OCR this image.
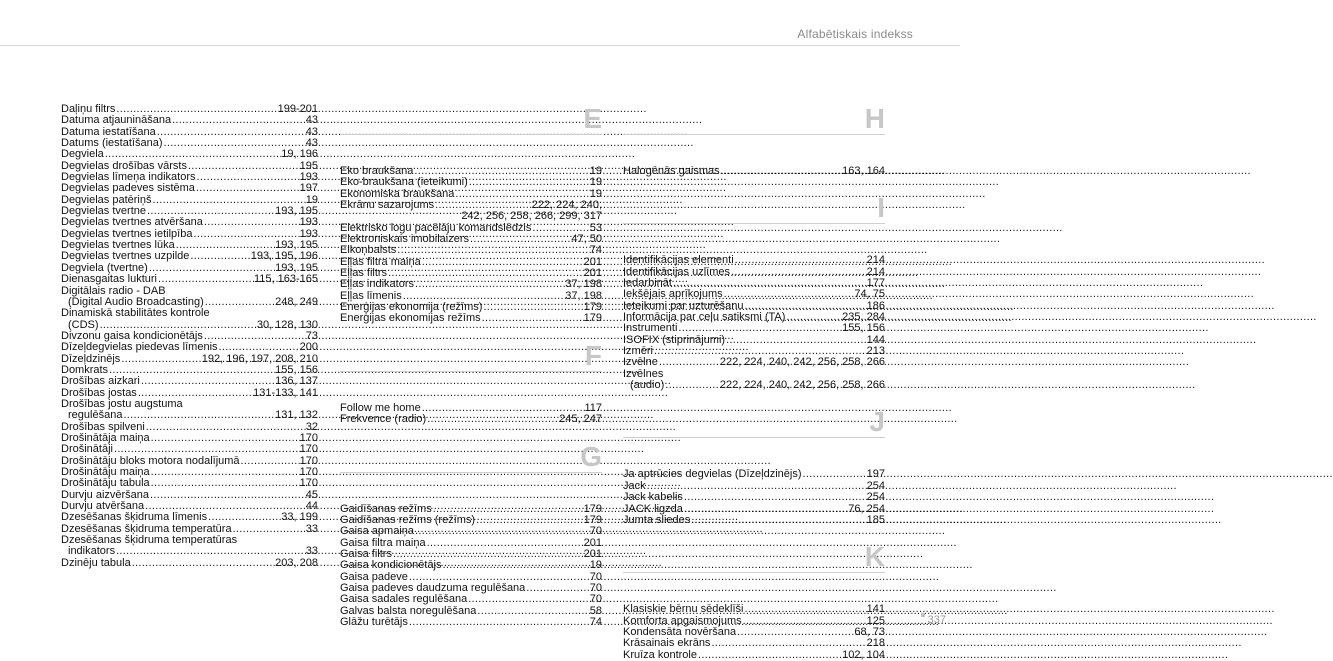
Alfabētiskais indekss
Daļiņu filtrs .....	199-201
Datuma atjaunināšana .....	43
Datuma iestatīšana .....	43
Datums (iestatīšana) .....	43
Degviela .....	19, 196
Degvielas drošības vārsts .....	195
Degvielas līmeņa indikators .....	193
Degvielas padeves sistēma .....	197
Degvielas patēriņš .....	19
Degvielas tvertne .....	193, 195
Degvielas tvertnes atvēršana .....	193
Degvielas tvertnes ietilpība .....	193
Degvielas tvertnes lūka .....	193, 195
Degvielas tvertnes uzpilde .....	193, 195, 196
Degviela (tvertne) .....	193, 195
Dienasgaitas lukturi .....	115, 163-165
Digitālais radio - DAB
(Digital Audio Broadcasting) .....	248, 249
Dinamiskā stabilitātes kontrole
(CDS) .....	30, 128, 130
Divzonu gaisa kondicionētājs .....	73
Dīzeļdegvielas piedevas līmenis .....	200
Dīzeļdzinējs .....	192, 196, 197, 208, 210
Domkrats .....	155, 156
Drošības aizkari .....	136, 137
Drošības jostas .....	131-133, 141
Drošības jostu augstuma
regulēšana .....	131, 132
Drošības spilveni .....	32
Drošinātāja maiņa .....	170
Drošinātāji .....	170
Drošinātāju bloks motora nodalījumā .....	170
Drošinātāju maiņa .....	170
Drošinātāju tabula .....	170
Durvju aizvēršana .....	45
Durvju atvēršana .....	44
Dzesēšanas šķidruma līmenis .....	33, 199
Dzesēšanas šķidruma temperatūra .....	33
Dzesēšanas šķidruma temperatūras
indikators .....	33
Dzinēju tabula .....	203, 208
E
Eko braukšana .....	19
Eko-braukšana (ieteikumi) .....	19
Ekonomiska braukšana .....	19
Ekrānu sazarojums .....	222, 224, 240,
242, 256, 258, 266, 299, 317
Elektrisko logu pacēlāju komandslēdzis .....	53
Elektroniskais imobilaizers .....	47, 50
Elkoņbalsts .....	74
Eļļas filtra maiņa .....	201
Eļļas filtrs .....	201
Eļļas indikators .....	37, 198
Eļļas līmenis .....	37, 198
Enerģijas ekonomija (režīms) .....	179
Enerģijas ekonomijas režīms .....	179
F
Follow me home .....	117
Frekvence (radio) .....	245, 247
G
Gaidīšanas režīms .....	179
Gaidīšanas režīms (režīms) .....	179
Gaisa apmaiņa .....	70
Gaisa filtra maiņa .....	201
Gaisa filtrs .....	201
Gaisa kondicionētājs .....	19
Gaisa padeve .....	70
Gaisa padeves daudzuma regulēšana .....	70
Gaisa sadales regulēšana .....	70
Galvas balsta noregulēšana .....	58
Glāžu turētājs .....	74
H
Halogēnās gaismas .....	163, 164
I
Identifikācijas elementi .....	214
Identifikācijas uzlīmes .....	214
Iedarbināt .....	177
Iekšējais aprīkojums .....	74, 75
Ieteikumi par uzturēšanu .....	186
Informācija par ceļu satiksmi (TA) .....	235, 284
Instrumenti .....	155, 156
ISOFIX (stiprinājumi) .....	144
Izmēri .....	213
Izvēlne .....	222, 224, 240, 242, 256, 258, 266
Izvēlnes
(audio) .....	222, 224, 240, 242, 256, 258, 266
J
Ja aptrūcies degvielas (Dīzeļdzinējs) .....	197
Jack .....	254
Jack kabelis .....	254
JACK ligzda .....	76, 254
Jumta sliedes .....	185
K
Klasiskie bērnu sēdeklīši .....	141
Komforta apgaismojums .....	125
Kondensāta novēršana .....	68, 73
Krāsainais ekrāns .....	218
Kruīza kontrole .....	102, 104
337
